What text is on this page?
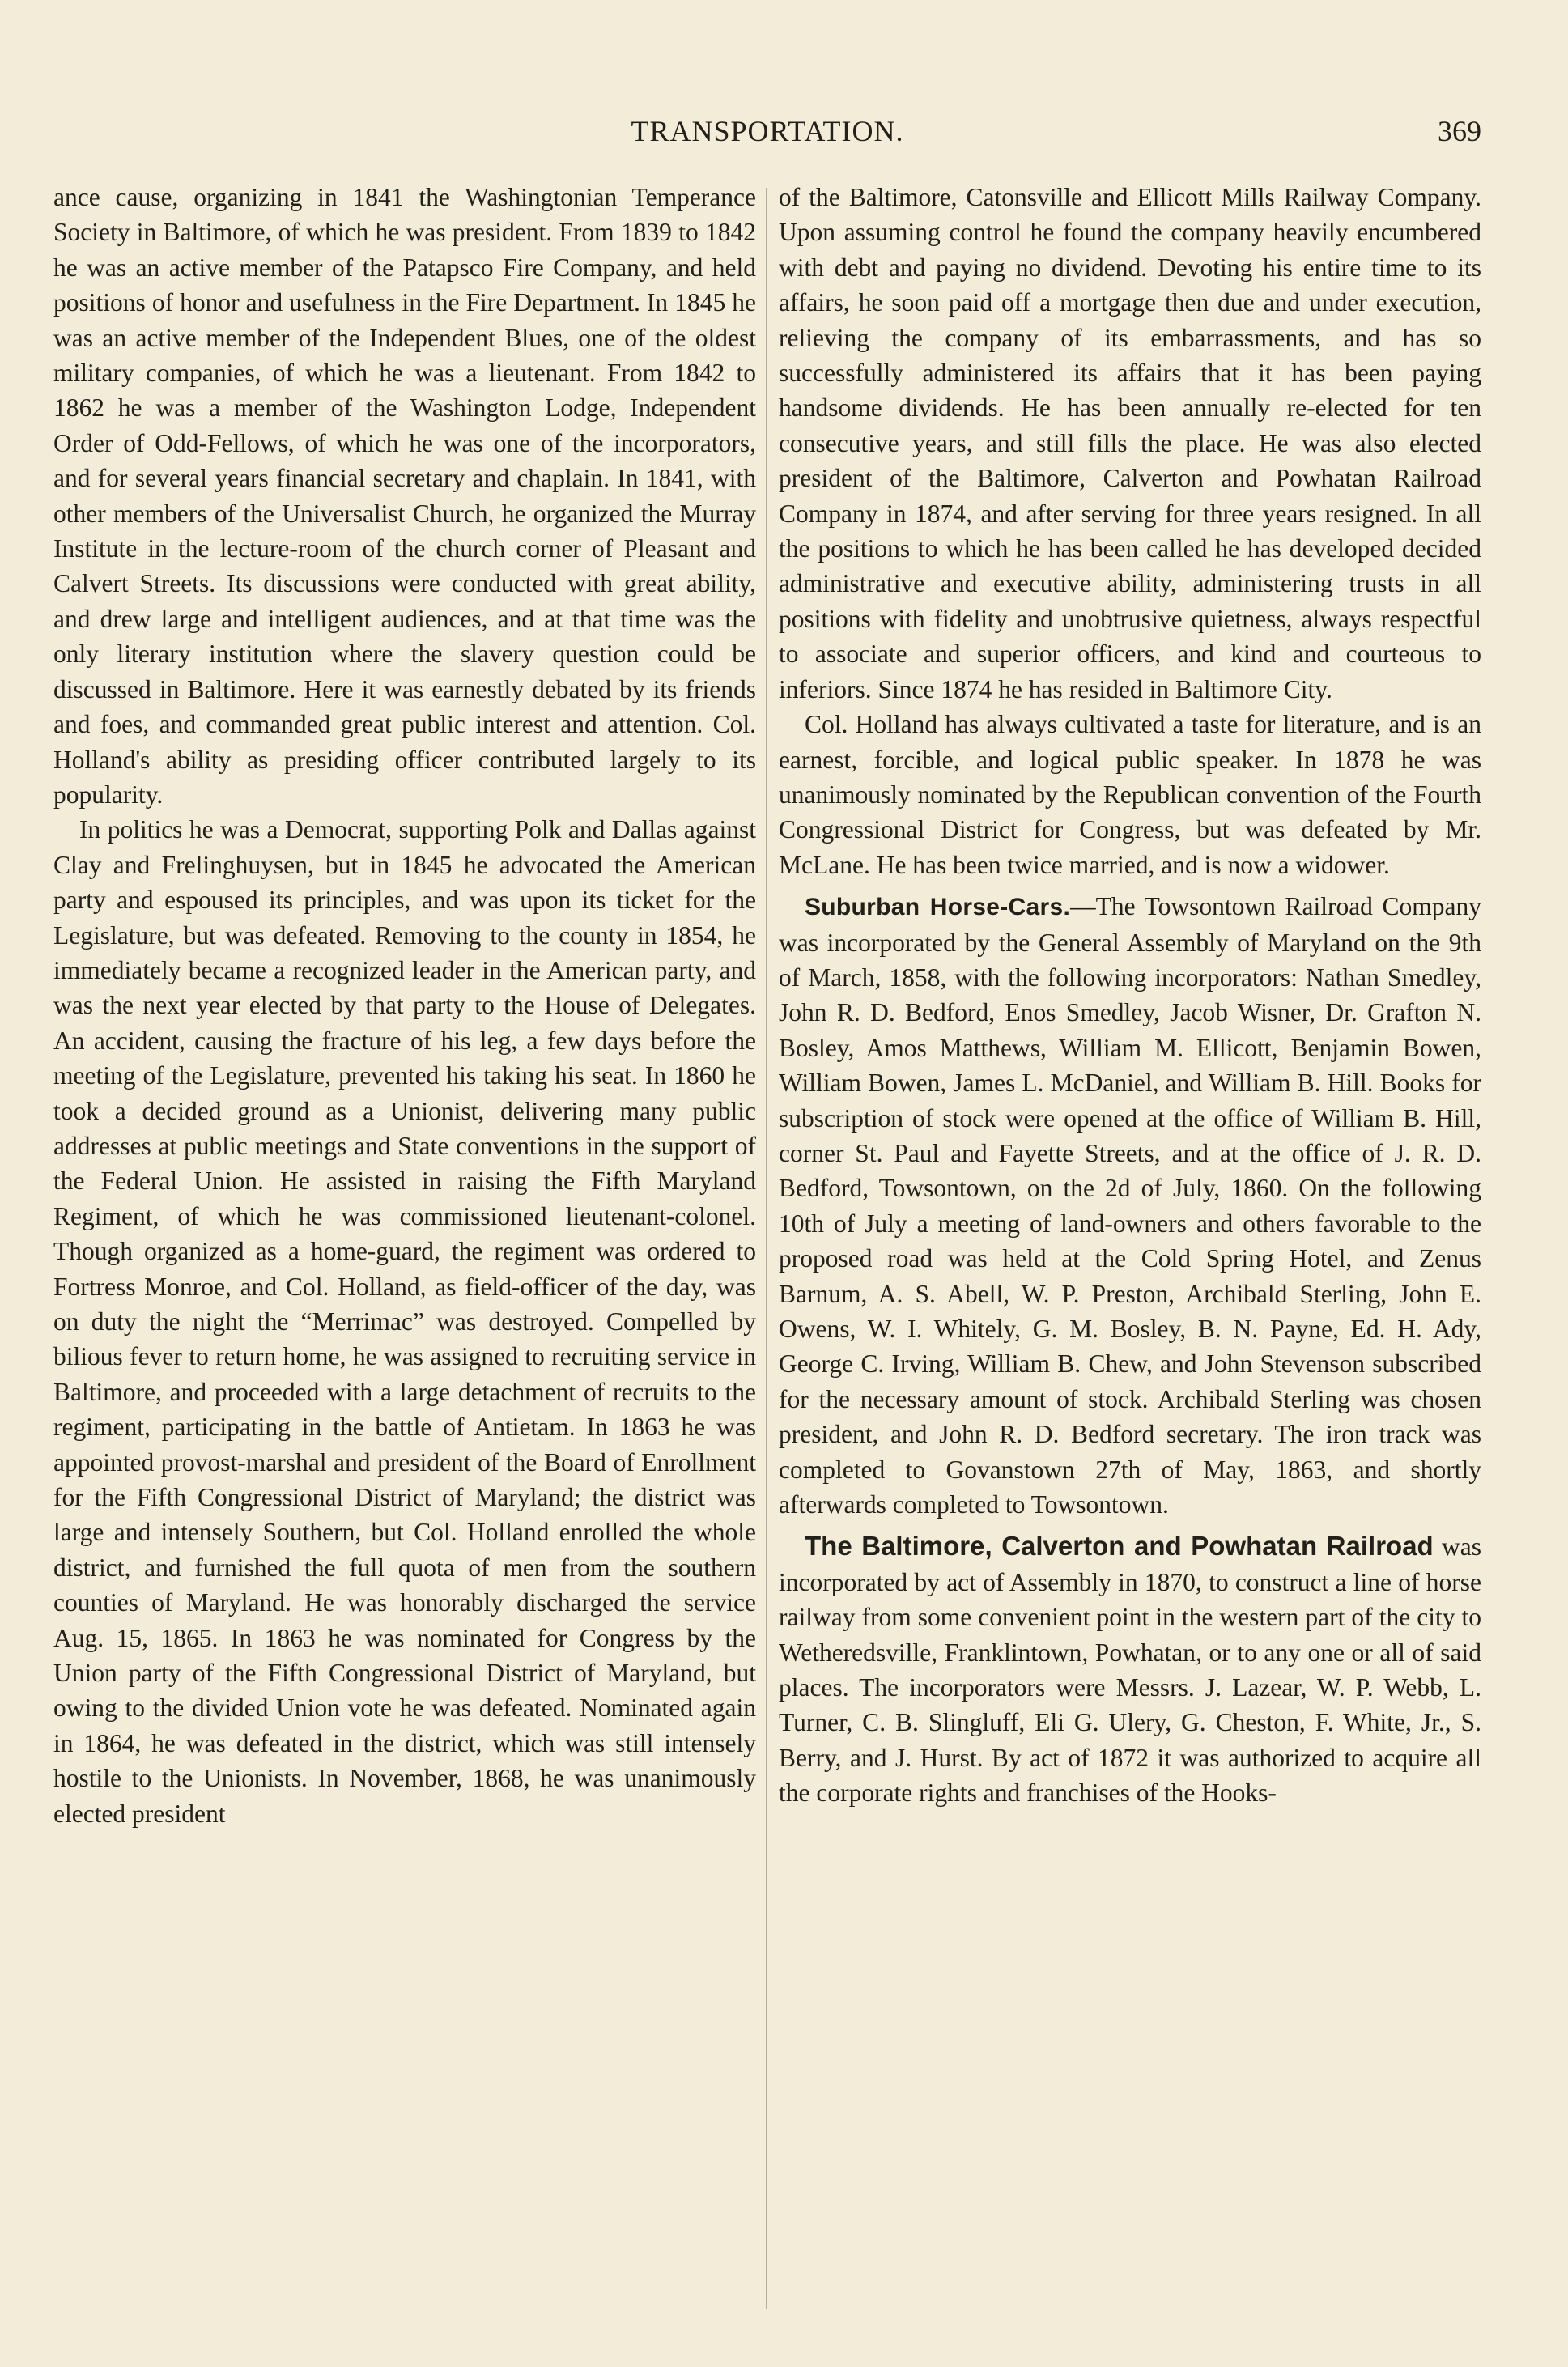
TRANSPORTATION.	369

ance cause, organizing in 1841 the Washingtonian Temperance Society in Baltimore, of which he was president. From 1839 to 1842 he was an active member of the Patapsco Fire Company, and held positions of honor and usefulness in the Fire Department. In 1845 he was an active member of the Independent Blues, one of the oldest military companies, of which he was a lieutenant. From 1842 to 1862 he was a member of the Washington Lodge, Independent Order of Odd-Fellows, of which he was one of the incorporators, and for several years financial secretary and chaplain. In 1841, with other members of the Universalist Church, he organized the Murray Institute in the lecture-room of the church corner of Pleasant and Calvert Streets. Its discussions were conducted with great ability, and drew large and intelligent audiences, and at that time was the only literary institution where the slavery question could be discussed in Baltimore. Here it was earnestly debated by its friends and foes, and commanded great public interest and attention. Col. Holland's ability as presiding officer contributed largely to its popularity.

In politics he was a Democrat, supporting Polk and Dallas against Clay and Frelinghuysen, but in 1845 he advocated the American party and espoused its principles, and was upon its ticket for the Legislature, but was defeated. Removing to the county in 1854, he immediately became a recognized leader in the American party, and was the next year elected by that party to the House of Delegates. An accident, causing the fracture of his leg, a few days before the meeting of the Legislature, prevented his taking his seat. In 1860 he took a decided ground as a Unionist, delivering many public addresses at public meetings and State conventions in the support of the Federal Union. He assisted in raising the Fifth Maryland Regiment, of which he was commissioned lieutenant-colonel. Though organized as a home-guard, the regiment was ordered to Fortress Monroe, and Col. Holland, as field-officer of the day, was on duty the night the “Merrimac” was destroyed. Compelled by bilious fever to return home, he was assigned to recruiting service in Baltimore, and proceeded with a large detachment of recruits to the regiment, participating in the battle of Antietam. In 1863 he was appointed provost-marshal and president of the Board of Enrollment for the Fifth Congressional District of Maryland; the district was large and intensely Southern, but Col. Holland enrolled the whole district, and furnished the full quota of men from the southern counties of Maryland. He was honorably discharged the service Aug. 15, 1865. In 1863 he was nominated for Congress by the Union party of the Fifth Congressional District of Maryland, but owing to the divided Union vote he was defeated. Nominated again in 1864, he was defeated in the district, which was still intensely hostile to the Unionists. In November, 1868, he was unanimously elected president

of the Baltimore, Catonsville and Ellicott Mills Railway Company. Upon assuming control he found the company heavily encumbered with debt and paying no dividend. Devoting his entire time to its affairs, he soon paid off a mortgage then due and under execution, relieving the company of its embarrassments, and has so successfully administered its affairs that it has been paying handsome dividends. He has been annually re-elected for ten consecutive years, and still fills the place. He was also elected president of the Baltimore, Calverton and Powhatan Railroad Company in 1874, and after serving for three years resigned. In all the positions to which he has been called he has developed decided administrative and executive ability, administering trusts in all positions with fidelity and unobtrusive quietness, always respectful to associate and superior officers, and kind and courteous to inferiors. Since 1874 he has resided in Baltimore City.

Col. Holland has always cultivated a taste for literature, and is an earnest, forcible, and logical public speaker. In 1878 he was unanimously nominated by the Republican convention of the Fourth Congressional District for Congress, but was defeated by Mr. McLane. He has been twice married, and is now a widower.

Suburban Horse-Cars.—The Towsontown Railroad Company was incorporated by the General Assembly of Maryland on the 9th of March, 1858, with the following incorporators: Nathan Smedley, John R. D. Bedford, Enos Smedley, Jacob Wisner, Dr. Grafton N. Bosley, Amos Matthews, William M. Ellicott, Benjamin Bowen, William Bowen, James L. McDaniel, and William B. Hill. Books for subscription of stock were opened at the office of William B. Hill, corner St. Paul and Fayette Streets, and at the office of J. R. D. Bedford, Towsontown, on the 2d of July, 1860. On the following 10th of July a meeting of land-owners and others favorable to the proposed road was held at the Cold Spring Hotel, and Zenus Barnum, A. S. Abell, W. P. Preston, Archibald Sterling, John E. Owens, W. I. Whitely, G. M. Bosley, B. N. Payne, Ed. H. Ady, George C. Irving, William B. Chew, and John Stevenson subscribed for the necessary amount of stock. Archibald Sterling was chosen president, and John R. D. Bedford secretary. The iron track was completed to Govanstown 27th of May, 1863, and shortly afterwards completed to Towsontown.

The Baltimore, Calverton and Powhatan Railroad was incorporated by act of Assembly in 1870, to construct a line of horse railway from some convenient point in the western part of the city to Wetheredsville, Franklintown, Powhatan, or to any one or all of said places. The incorporators were Messrs. J. Lazear, W. P. Webb, L. Turner, C. B. Slingluff, Eli G. Ulery, G. Cheston, F. White, Jr., S. Berry, and J. Hurst. By act of 1872 it was authorized to acquire all the corporate rights and franchises of the Hooks-
